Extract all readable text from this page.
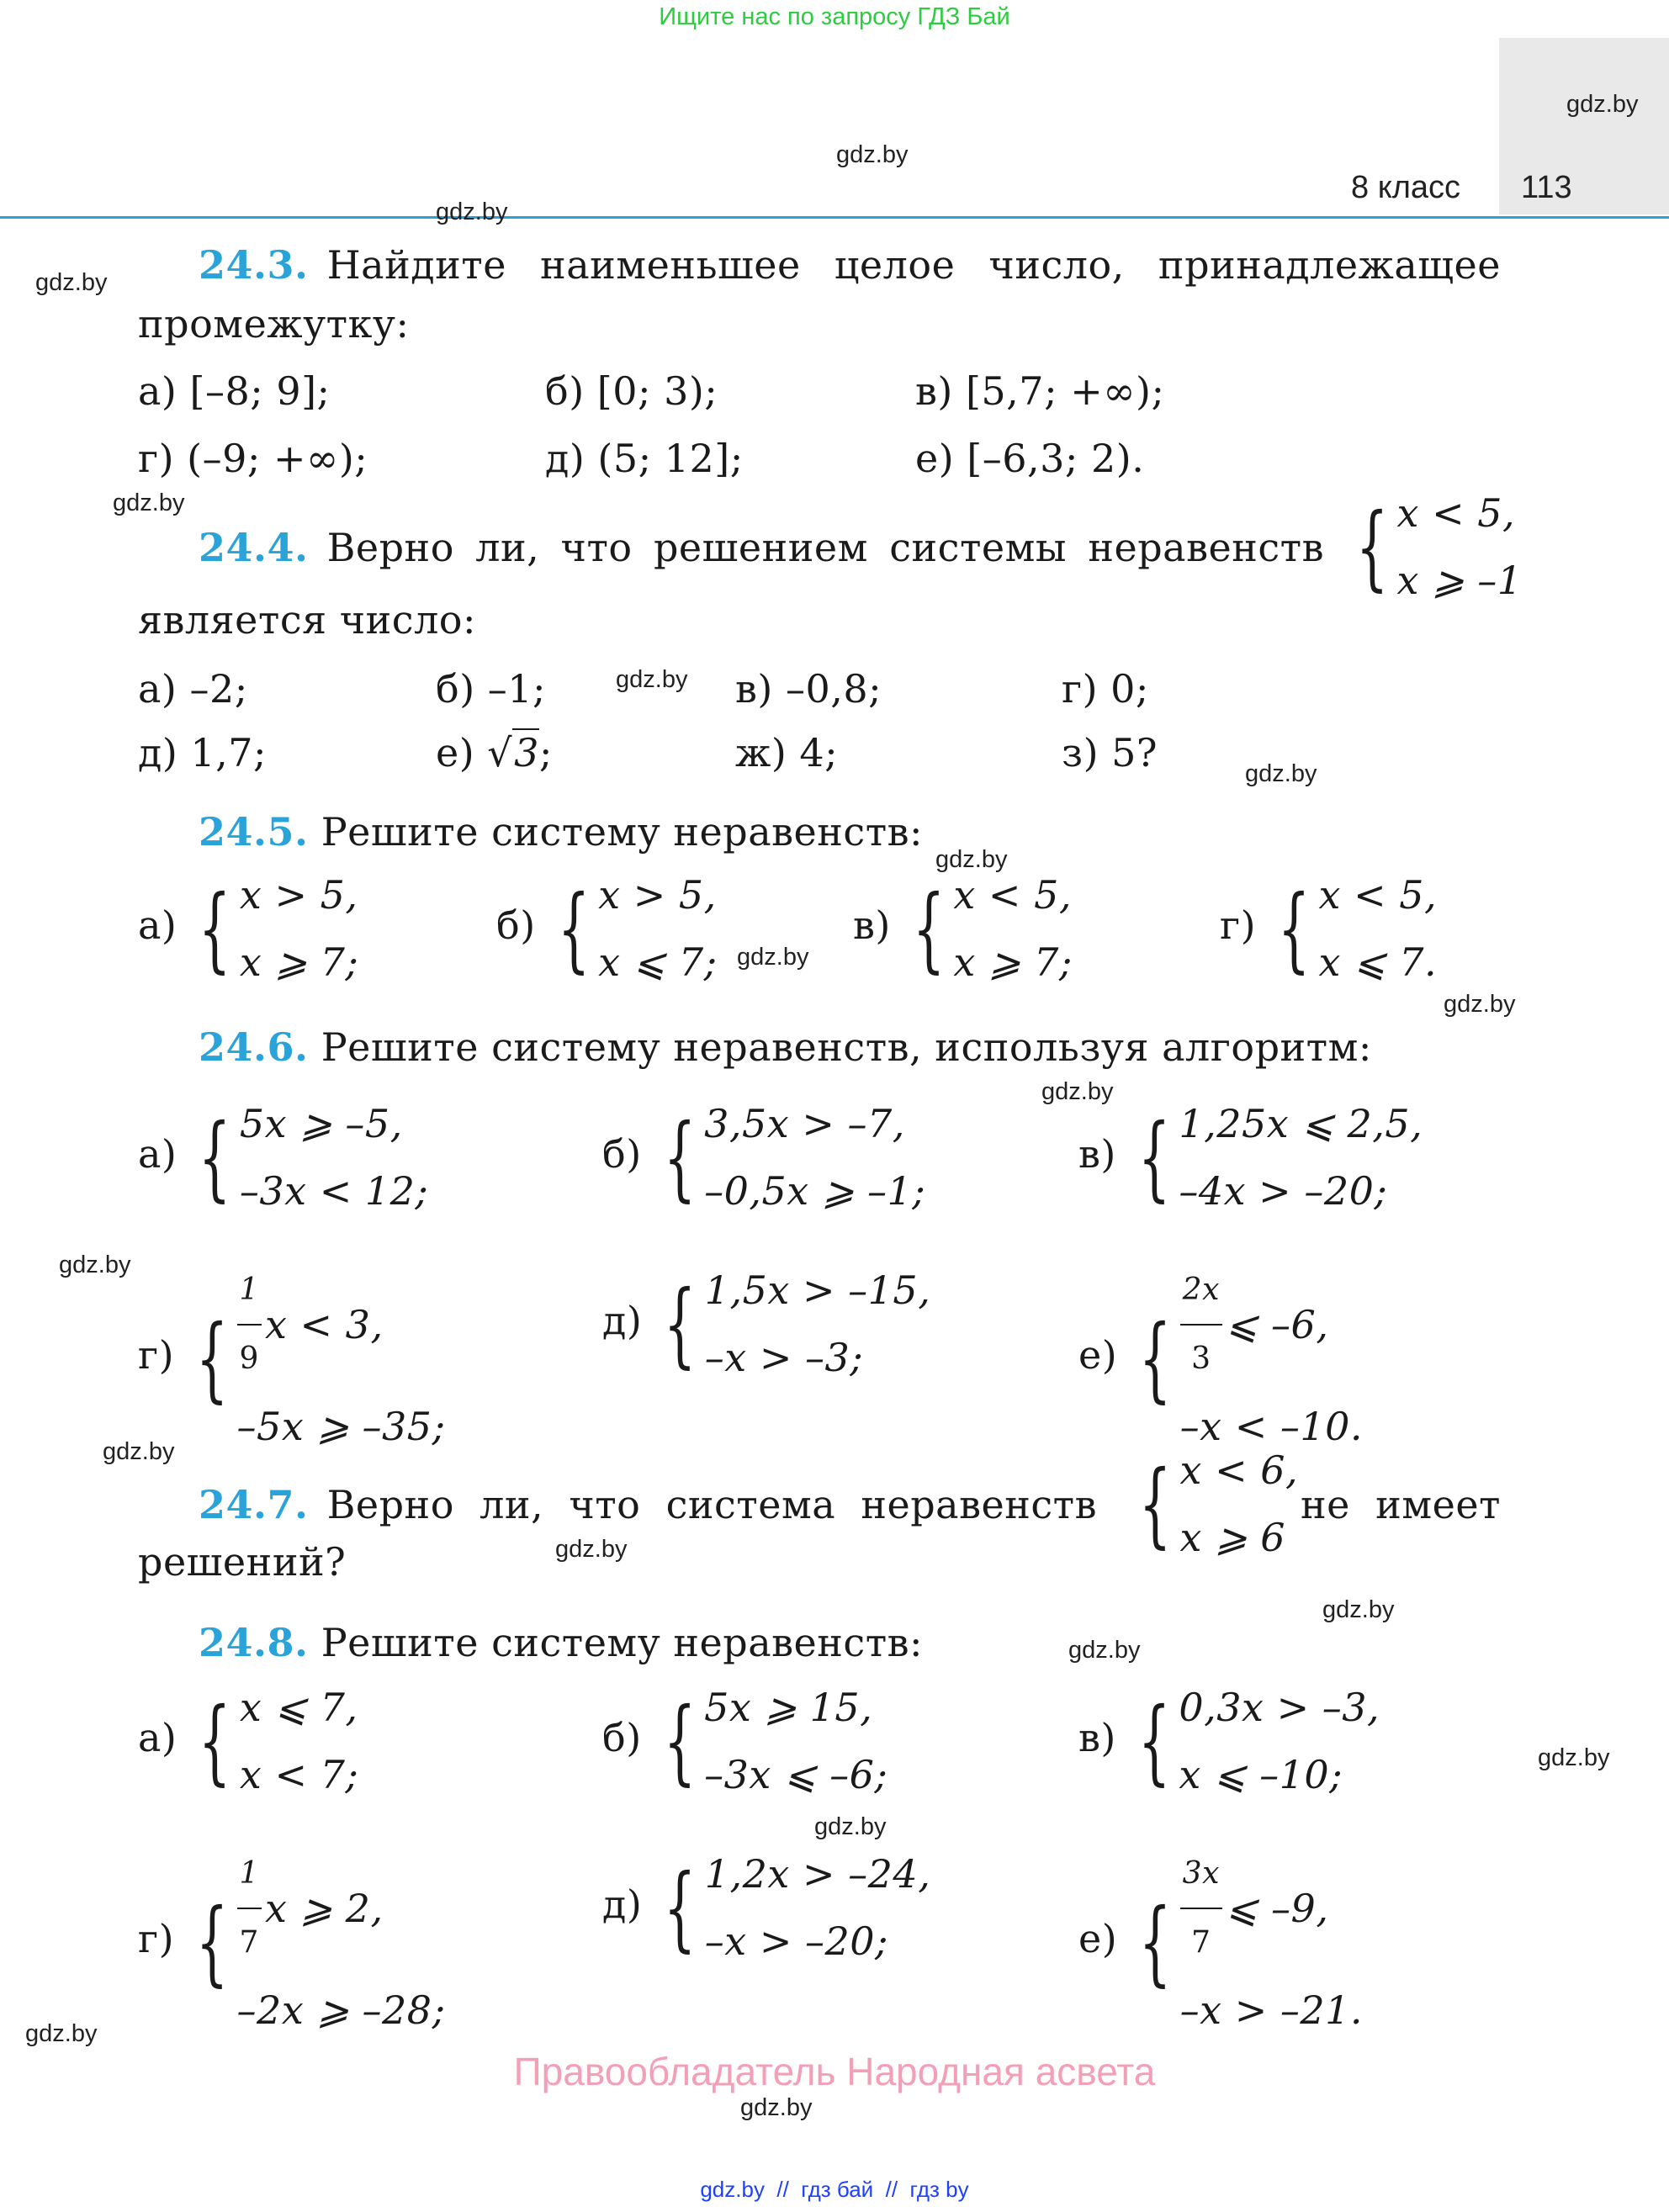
Ищите нас по запросу ГДЗ Бай
gdz.by
gdz.by
8 класс 113
gdz.by
gdz.by 24.3. Найдите наименьшее целое число, принадлежащее
промежутку:
а) [–8; 9];	б) [0; 3);	в) [5,7; +∞);
г) (–9; +∞);	д) (5; 12];	е) [–6,3; 2).
gdz.by
24.4. Верно ли, что решением системы неравенств { x < 5,
x ⩾ –1
является число:
а) –2;	б) –1;	gdz.by в) –0,8;	г) 0;
д) 1,7;	е) √3;	ж) 4;	з) 5?	gdz.by
24.5. Решите систему неравенств:
gdz.by
а) { x > 5,
x ⩾ 7;
б) { x > 5,
x ⩽ 7;
в) { x < 5,
x ⩾ 7;
г) { x < 5,
x ⩽ 7.
gdz.by
gdz.by
24.6. Решите систему неравенств, используя алгоритм:
gdz.by
gdz.by
а) { 5x ⩾ –5,
–3x < 12;
б) { 3,5x > –7,
–0,5x ⩾ –1;
в) { 1,25x ⩽ 2,5,
–4x > –20;
г) { $\frac{1}{9}$ x < 3,
–5x ⩾ –35;
д) { 1,5x > –15,
–x > –3;	е) { $\frac{2x}{3}$ ⩽ –6,
–x < –10.
gdz.by
24.7. Верно ли, что система неравенств { x < 6,
x ⩾ 6
не имеет
решений?	gdz.by
gdz.by
24.8. Решите систему неравенств:	gdz.by
gdz.by
gdz.by
а) { x ⩽ 7,
x < 7;
б) { 5x ⩾ 15,
–3x ⩽ –6;
в) { 0,3x > –3,
x ⩽ –10;
г) { $\frac{1}{7}$ x ⩾ 2,
–2x ⩾ –28;
д) { 1,2x > –24,
–x > –20;	е) { $\frac{3x}{7}$ ⩽ –9,
–x > –21.
gdz.by
Правообладатель Народная асвета
gdz.by
gdz.by  //  гдз бай  //  гдз by
